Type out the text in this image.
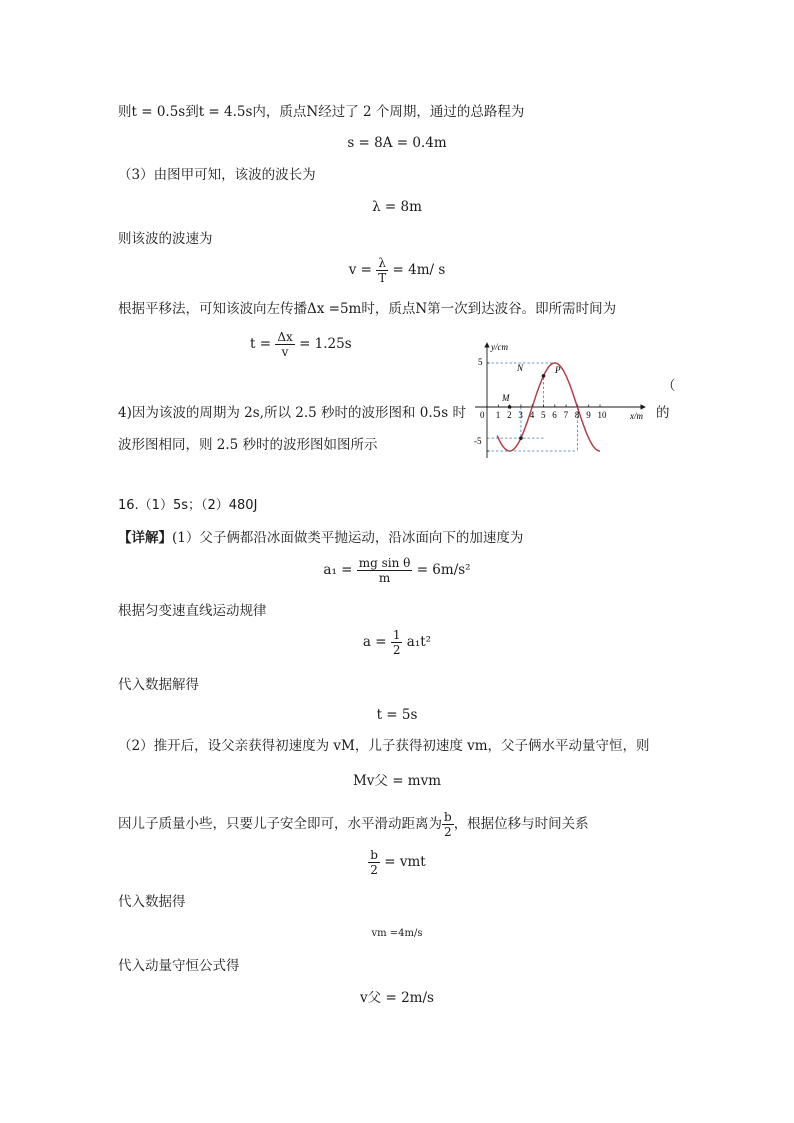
则t = 0.5s到t = 4.5s内，质点N经过了 2 个周期，通过的总路程为
s = 8A = 0.4m
（3）由图甲可知，该波的波长为
λ = 8m
则该波的波速为
$v = \frac{\lambda}{T} = 4m/$ s
根据平移法，可知该波向左传播Δx =5m时，质点N第一次到达波谷。即所需时间为
$t = \frac{\Delta x}{v} = 1.25s$
4)因为该波的周期为 2s,所以 2.5 秒时的波形图和 0.5s 时
（
的
波形图相同，则 2.5 秒时的波形图如图所示
0 1 2 3 4 5 6 7 8 9 10
y/cm
x/m
5
-5
M
N	P
16.（1）5s；（2）480J
【详解】(1）父子俩都沿冰面做类平抛运动，沿冰面向下的加速度为
$a_1 = \frac{\text{mg sin θ}}{m} = 6m/s^2$
根据匀变速直线运动规律
$a = \frac{1}{2} a_1t^2$
代入数据解得
t = 5s
（2）推开后，设父亲获得初速度为 vM，儿子获得初速度 vm，父子俩水平动量守恒，则
Mv父 = mvm
因儿子质量小些，只要儿子安全即可，水平滑动距离为 $\frac{b}{2}$ ，根据位移与时间关系
$\frac{b}{2}$ = vmt
代入数据得
vm =4m/s
代入动量守恒公式得
v父 = 2m/s
